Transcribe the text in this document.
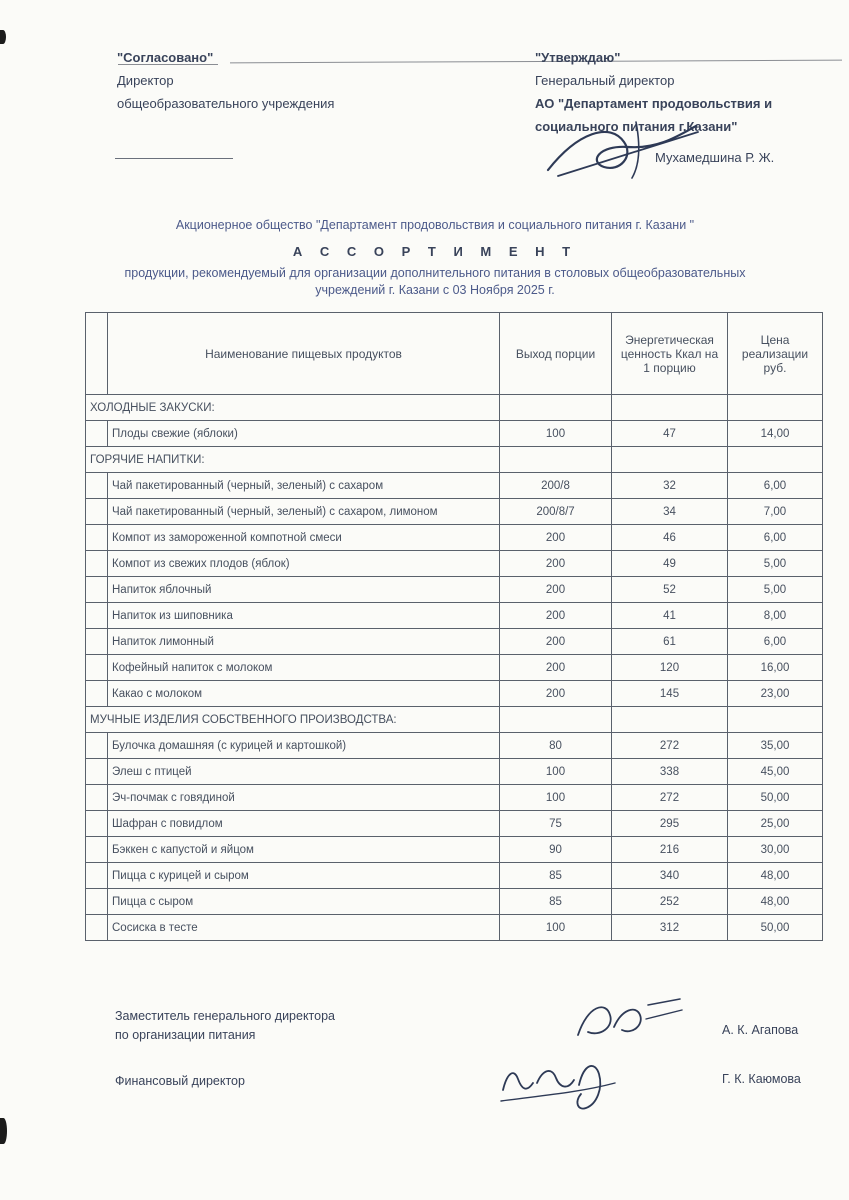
"Согласовано"
Директор
общеобразовательного учреждения
"Утверждаю"
Генеральный директор
АО "Департамент продовольствия и
социального питания г.Казани"
Мухамедшина Р. Ж.
Акционерное общество "Департамент продовольствия и социального питания г. Казани "
А С С О Р Т И М Е Н Т
продукции, рекомендуемый для организации дополнительного питания в столовых общеобразовательных
учреждений г. Казани с 03 Ноября 2025 г.
	Наименование пищевых продуктов	Выход порции	Энергетическая ценность Ккал на 1 порцию	Цена реализации руб.
ХОЛОДНЫЕ ЗАКУСКИ:				
	Плоды свежие (яблоки)	100	47	14,00
ГОРЯЧИЕ НАПИТКИ:				
	Чай пакетированный (черный, зеленый) с сахаром	200/8	32	6,00
	Чай пакетированный (черный, зеленый) с сахаром, лимоном	200/8/7	34	7,00
	Компот из замороженной компотной смеси	200	46	6,00
	Компот из свежих плодов (яблок)	200	49	5,00
	Напиток яблочный	200	52	5,00
	Напиток из шиповника	200	41	8,00
	Напиток лимонный	200	61	6,00
	Кофейный напиток с молоком	200	120	16,00
	Какао с молоком	200	145	23,00
МУЧНЫЕ ИЗДЕЛИЯ СОБСТВЕННОГО ПРОИЗВОДСТВА:				
	Булочка домашняя (с курицей и картошкой)	80	272	35,00
	Элеш с птицей	100	338	45,00
	Эч-почмак с говядиной	100	272	50,00
	Шафран с повидлом	75	295	25,00
	Бэккен с капустой и яйцом	90	216	30,00
	Пицца с курицей и сыром	85	340	48,00
	Пицца с сыром	85	252	48,00
	Сосиска в тесте	100	312	50,00
Заместитель генерального директора
по организации питания	А. К. Агапова
Финансовый директор	Г. К. Каюмова
